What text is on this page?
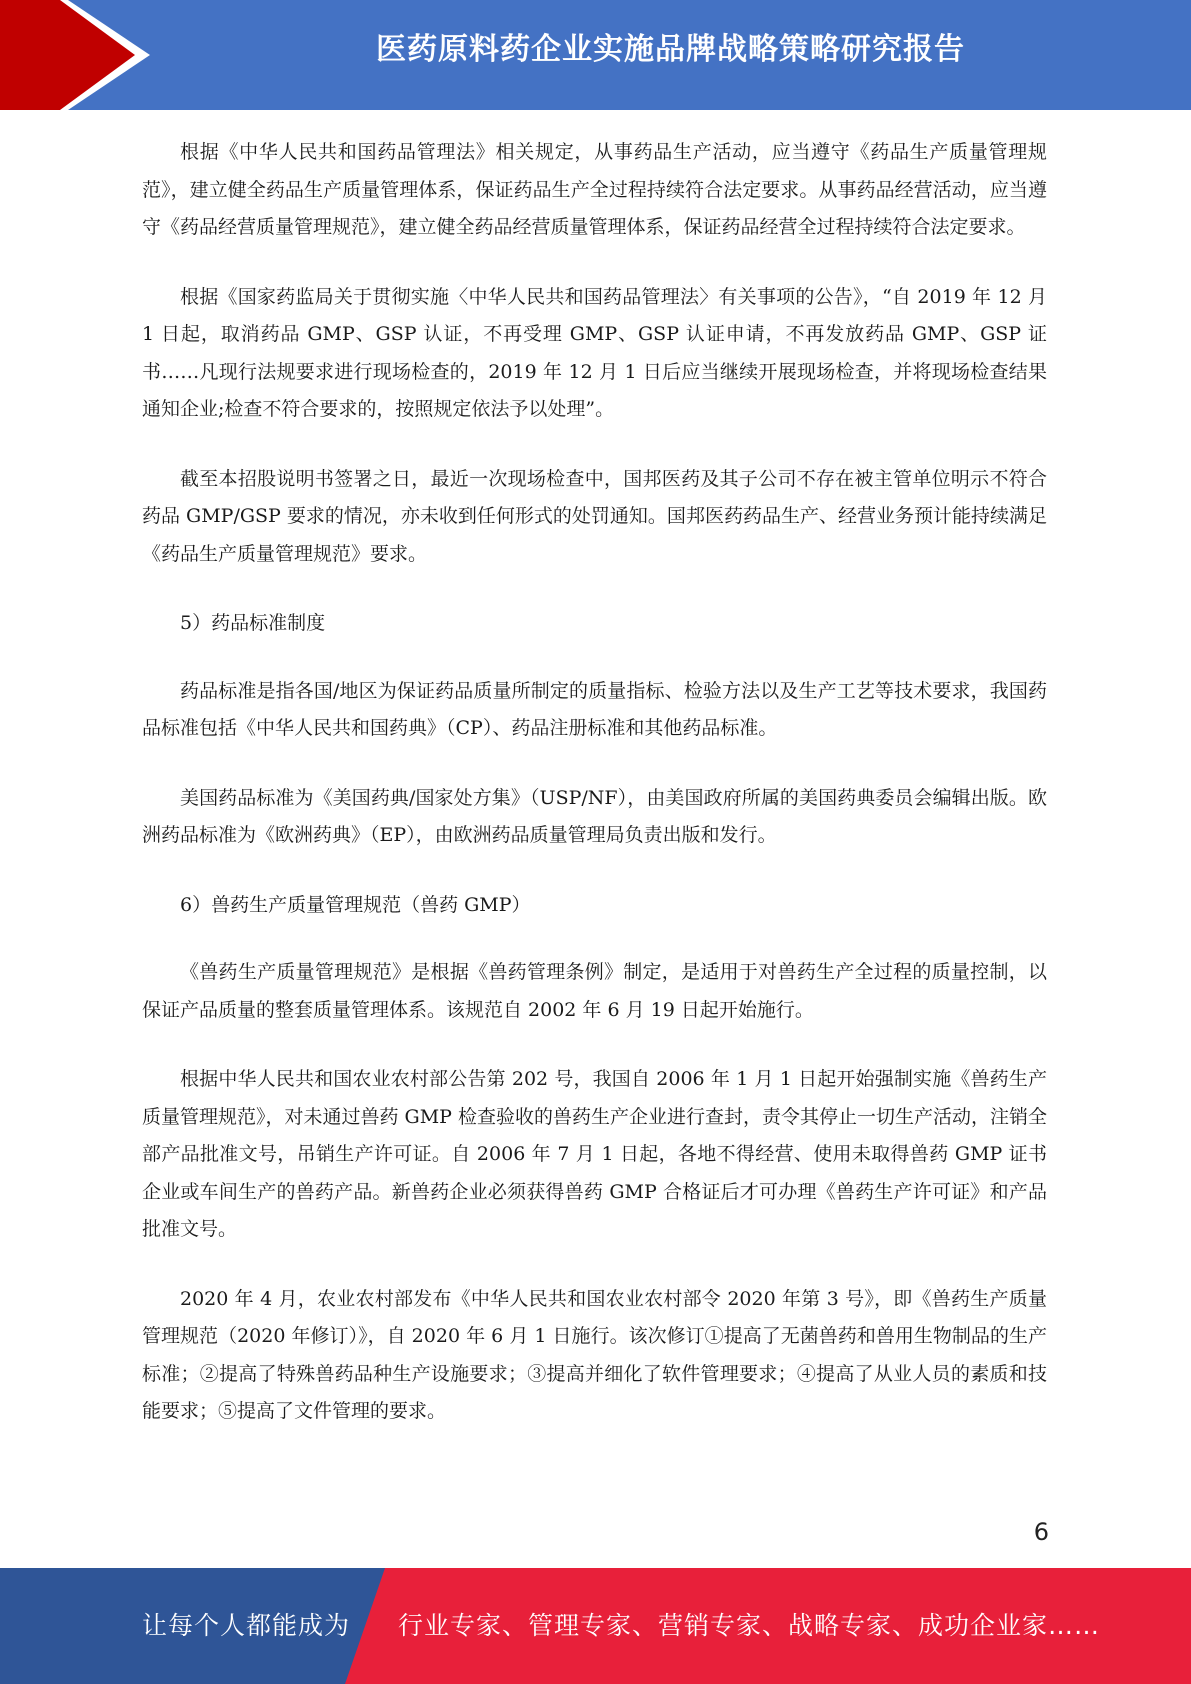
医药原料药企业实施品牌战略策略研究报告

根据《中华人民共和国药品管理法》相关规定，从事药品生产活动，应当遵守《药品生产质量管理规范》，建立健全药品生产质量管理体系，保证药品生产全过程持续符合法定要求。从事药品经营活动，应当遵守《药品经营质量管理规范》，建立健全药品经营质量管理体系，保证药品经营全过程持续符合法定要求。

根据《国家药监局关于贯彻实施〈中华人民共和国药品管理法〉有关事项的公告》，“自 2019 年 12 月 1 日起，取消药品 GMP、GSP 认证，不再受理 GMP、GSP 认证申请，不再发放药品 GMP、GSP 证书……凡现行法规要求进行现场检查的，2019 年 12 月 1 日后应当继续开展现场检查，并将现场检查结果通知企业;检查不符合要求的，按照规定依法予以处理”。

截至本招股说明书签署之日，最近一次现场检查中，国邦医药及其子公司不存在被主管单位明示不符合药品 GMP/GSP 要求的情况，亦未收到任何形式的处罚通知。国邦医药药品生产、经营业务预计能持续满足《药品生产质量管理规范》要求。

5）药品标准制度

药品标准是指各国/地区为保证药品质量所制定的质量指标、检验方法以及生产工艺等技术要求，我国药品标准包括《中华人民共和国药典》（CP）、药品注册标准和其他药品标准。

美国药品标准为《美国药典/国家处方集》（USP/NF），由美国政府所属的美国药典委员会编辑出版。欧洲药品标准为《欧洲药典》（EP），由欧洲药品质量管理局负责出版和发行。

6）兽药生产质量管理规范（兽药 GMP）

《兽药生产质量管理规范》是根据《兽药管理条例》制定，是适用于对兽药生产全过程的质量控制，以保证产品质量的整套质量管理体系。该规范自 2002 年 6 月 19 日起开始施行。

根据中华人民共和国农业农村部公告第 202 号，我国自 2006 年 1 月 1 日起开始强制实施《兽药生产质量管理规范》，对未通过兽药 GMP 检查验收的兽药生产企业进行查封，责令其停止一切生产活动，注销全部产品批准文号，吊销生产许可证。自 2006 年 7 月 1 日起，各地不得经营、使用未取得兽药 GMP 证书企业或车间生产的兽药产品。新兽药企业必须获得兽药 GMP 合格证后才可办理《兽药生产许可证》和产品批准文号。

2020 年 4 月，农业农村部发布《中华人民共和国农业农村部令 2020 年第 3 号》，即《兽药生产质量管理规范（2020 年修订）》，自 2020 年 6 月 1 日施行。该次修订①提高了无菌兽药和兽用生物制品的生产标准；②提高了特殊兽药品种生产设施要求；③提高并细化了软件管理要求；④提高了从业人员的素质和技能要求；⑤提高了文件管理的要求。

6
让每个人都能成为 行业专家、管理专家、营销专家、战略专家、成功企业家……
